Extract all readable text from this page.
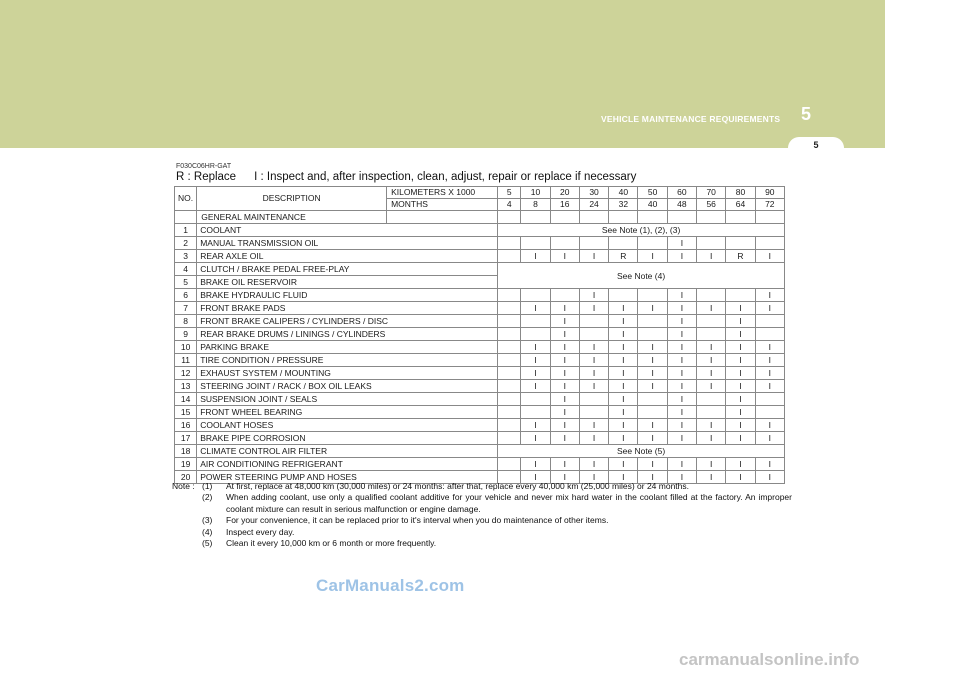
VEHICLE MAINTENANCE REQUIREMENTS	5
5
F030C06HR-GAT
R : Replace I : Inspect and, after inspection, clean, adjust, repair or replace if necessary
NO.	DESCRIPTION	KILOMETERS X 1000	5	10	20	30	40	50	60	70	80	90
		MONTHS	4	8	16	24	32	40	48	56	64	72
	GENERAL MAINTENANCE											
1	COOLANT		See Note (1), (2), (3)									
2	MANUAL TRANSMISSION OIL								I			
3	REAR AXLE OIL			I	I	I	R	I	I	I	R	I
4	CLUTCH / BRAKE PEDAL FREE-PLAY		See Note (4)									
5	BRAKE OIL RESERVOIR											
6	BRAKE HYDRAULIC FLUID					I			I			I
7	FRONT BRAKE PADS			I	I	I	I	I	I	I	I	I
8	FRONT BRAKE CALIPERS / CYLINDERS / DISC				I		I		I		I	
9	REAR BRAKE DRUMS / LININGS / CYLINDERS				I		I		I		I	
10	PARKING BRAKE			I	I	I	I	I	I	I	I	I
11	TIRE CONDITION / PRESSURE			I	I	I	I	I	I	I	I	I
12	EXHAUST SYSTEM / MOUNTING			I	I	I	I	I	I	I	I	I
13	STEERING JOINT / RACK / BOX OIL LEAKS			I	I	I	I	I	I	I	I	I
14	SUSPENSION JOINT / SEALS				I		I		I		I	
15	FRONT WHEEL BEARING				I		I		I		I	
16	COOLANT HOSES			I	I	I	I	I	I	I	I	I
17	BRAKE PIPE CORROSION			I	I	I	I	I	I	I	I	I
18	CLIMATE CONTROL AIR FILTER		See Note (5)									
19	AIR CONDITIONING REFRIGERANT			I	I	I	I	I	I	I	I	I
20	POWER STEERING PUMP AND HOSES			I	I	I	I	I	I	I	I	I
Note : (1)	At first, replace at 48,000 km (30,000 miles) or 24 months: after that, replace every 40,000 km (25,000 miles) or 24 months.
(2)	When adding coolant, use only a qualified coolant additive for your vehicle and never mix hard water in the coolant filled at the factory. An improper coolant mixture can result in serious malfunction or engine damage.
(3)	For your convenience, it can be replaced prior to it's interval when you do maintenance of other items.
(4)	Inspect every day.
(5)	Clean it every 10,000 km or 6 month or more frequently.
CarManuals2.com
carmanualsonline.info
